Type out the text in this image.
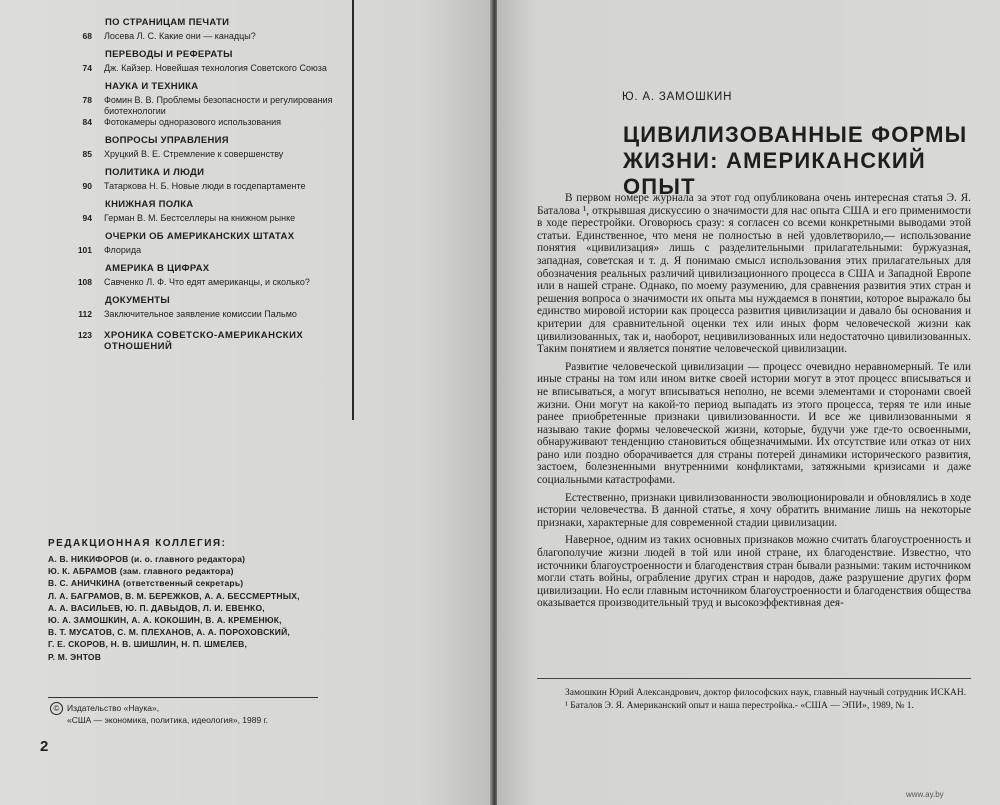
ПО СТРАНИЦАМ ПЕЧАТИ
68	Лосева Л. С. Какие они — канадцы?
ПЕРЕВОДЫ И РЕФЕРАТЫ
74	Дж. Кайзер. Новейшая технология Советского Союза
НАУКА И ТЕХНИКА
78	Фомин В. В. Проблемы безопасности и регулирования биотехнологии
84	Фотокамеры одноразового использования
ВОПРОСЫ УПРАВЛЕНИЯ
85	Хруцкий В. Е. Стремление к совершенству
ПОЛИТИКА И ЛЮДИ
90	Татаркова Н. Б. Новые люди в госдепартаменте
КНИЖНАЯ ПОЛКА
94	Герман В. М. Бестселлеры на книжном рынке
ОЧЕРКИ ОБ АМЕРИКАНСКИХ ШТАТАХ
101	Флорида
АМЕРИКА В ЦИФРАХ
108	Савченко Л. Ф. Что едят американцы, и сколько?
ДОКУМЕНТЫ
112	Заключительное заявление комиссии Пальмо
123	ХРОНИКА СОВЕТСКО-АМЕРИКАНСКИХ ОТНОШЕНИЙ
РЕДАКЦИОННАЯ КОЛЛЕГИЯ:
А. В. НИКИФОРОВ (и. о. главного редактора)
Ю. К. АБРАМОВ (зам. главного редактора)
В. С. АНИЧКИНА (ответственный секретарь)
Л. А. БАГРАМОВ, В. М. БЕРЕЖКОВ, А. А. БЕССМЕРТНЫХ,
А. А. ВАСИЛЬЕВ, Ю. П. ДАВЫДОВ, Л. И. ЕВЕНКО,
Ю. А. ЗАМОШКИН, А. А. КОКОШИН, В. А. КРЕМЕНЮК,
В. Т. МУСАТОВ, С. М. ПЛЕХАНОВ, А. А. ПОРОХОВСКИЙ,
Г. Е. СКОРОВ, Н. В. ШИШЛИН, Н. П. ШМЕЛЕВ,
Р. М. ЭНТОВ
© Издательство «Наука»,
«США — экономика, политика, идеология», 1989 г.
2
Ю. А. ЗАМОШКИН
ЦИВИЛИЗОВАННЫЕ ФОРМЫ
ЖИЗНИ: АМЕРИКАНСКИЙ ОПЫТ

В первом номере журнала за этот год опубликована очень интересная статья Э. Я. Баталова ¹, открывшая дискуссию о значимости для нас опыта США и его применимости в ходе перестройки. Оговорюсь сразу: я согласен со всеми конкретными выводами этой статьи. Единственное, что меня не полностью в ней удовлетворило,— использование понятия «цивилизация» лишь с разделительными прилагательными: буржуазная, западная, советская и т. д. Я понимаю смысл использования этих прилагательных для обозначения реальных различий цивилизационного процесса в США и Западной Европе или в нашей стране. Однако, по моему разумению, для сравнения развития этих стран и решения вопроса о значимости их опыта мы нуждаемся в понятии, которое выражало бы единство мировой истории как процесса развития цивилизации и давало бы основания и критерии для сравнительной оценки тех или иных форм человеческой жизни как цивилизованных, так и, наоборот, нецивилизованных или недостаточно цивилизованных. Таким понятием и является понятие человеческой цивилизации.

Развитие человеческой цивилизации — процесс очевидно неравномерный. Те или иные страны на том или ином витке своей истории могут в этот процесс вписываться и не вписываться, а могут вписываться неполно, не всеми элементами и сторонами своей жизни. Они могут на какой-то период выпадать из этого процесса, теряя те или иные ранее приобретенные признаки цивилизованности. И все же цивилизованными я называю такие формы человеческой жизни, которые, будучи уже где-то освоенными, обнаруживают тенденцию становиться общезначимыми. Их отсутствие или отказ от них рано или поздно оборачивается для страны потерей динамики исторического развития, застоем, болезненными внутренними конфликтами, затяжными кризисами и даже социальными катастрофами.

Естественно, признаки цивилизованности эволюционировали и обновлялись в ходе истории человечества. В данной статье, я хочу обратить внимание лишь на некоторые признаки, характерные для современной стадии цивилизации.

Наверное, одним из таких основных признаков можно считать благоустроенность и благополучие жизни людей в той или иной стране, их благоденствие. Известно, что источники благоустроенности и благоденствия стран бывали разными: таким источником могли стать войны, ограбление других стран и народов, даже разрушение других форм цивилизации. Но если главным источником благоустроенности и благоденствия общества оказывается производительный труд и высокоэффективная дея-

Замошкин Юрий Александрович, доктор философских наук, главный научный сотрудник ИСКАН.

¹ Баталов Э. Я. Американский опыт и наша перестройка.- «США — ЭПИ», 1989, № 1.

www.ay.by
